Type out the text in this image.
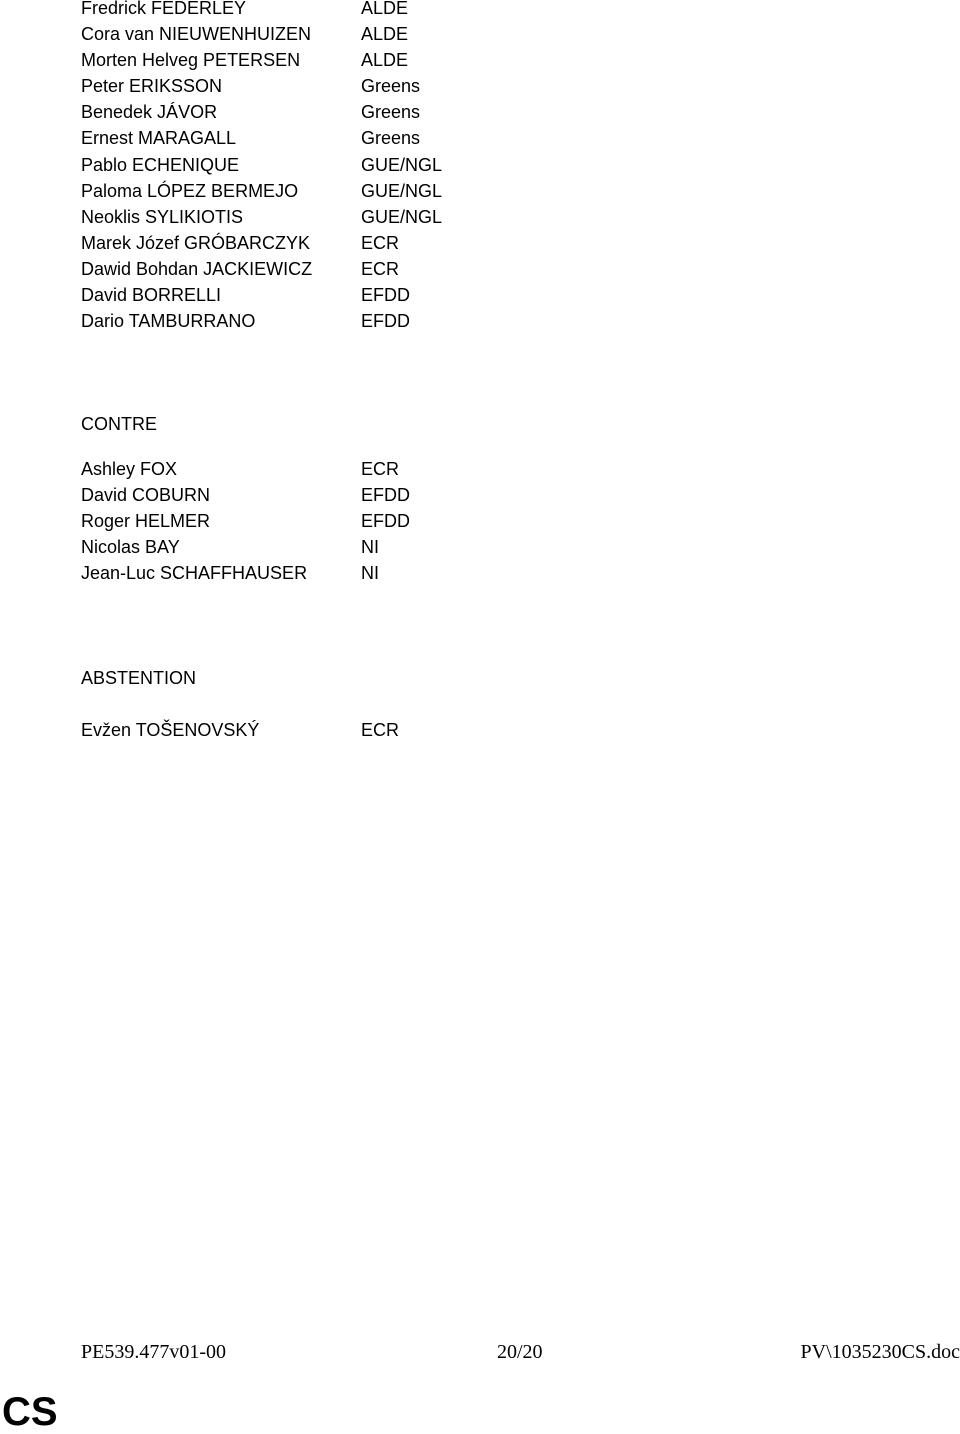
Fredrick FEDERLEY	ALDE
Cora van NIEUWENHUIZEN	ALDE
Morten Helveg PETERSEN	ALDE
Peter ERIKSSON	Greens
Benedek JÁVOR	Greens
Ernest MARAGALL	Greens
Pablo ECHENIQUE	GUE/NGL
Paloma LÓPEZ BERMEJO	GUE/NGL
Neoklis SYLIKIOTIS	GUE/NGL
Marek Józef GRÓBARCZYK	ECR
Dawid Bohdan JACKIEWICZ	ECR
David BORRELLI	EFDD
Dario TAMBURRANO	EFDD
CONTRE
Ashley FOX	ECR
David COBURN	EFDD
Roger HELMER	EFDD
Nicolas BAY	NI
Jean-Luc SCHAFFHAUSER	NI
ABSTENTION
Evžen TOŠENOVSKÝ	ECR
PE539.477v01-00	20/20	PV\1035230CS.doc
CS
